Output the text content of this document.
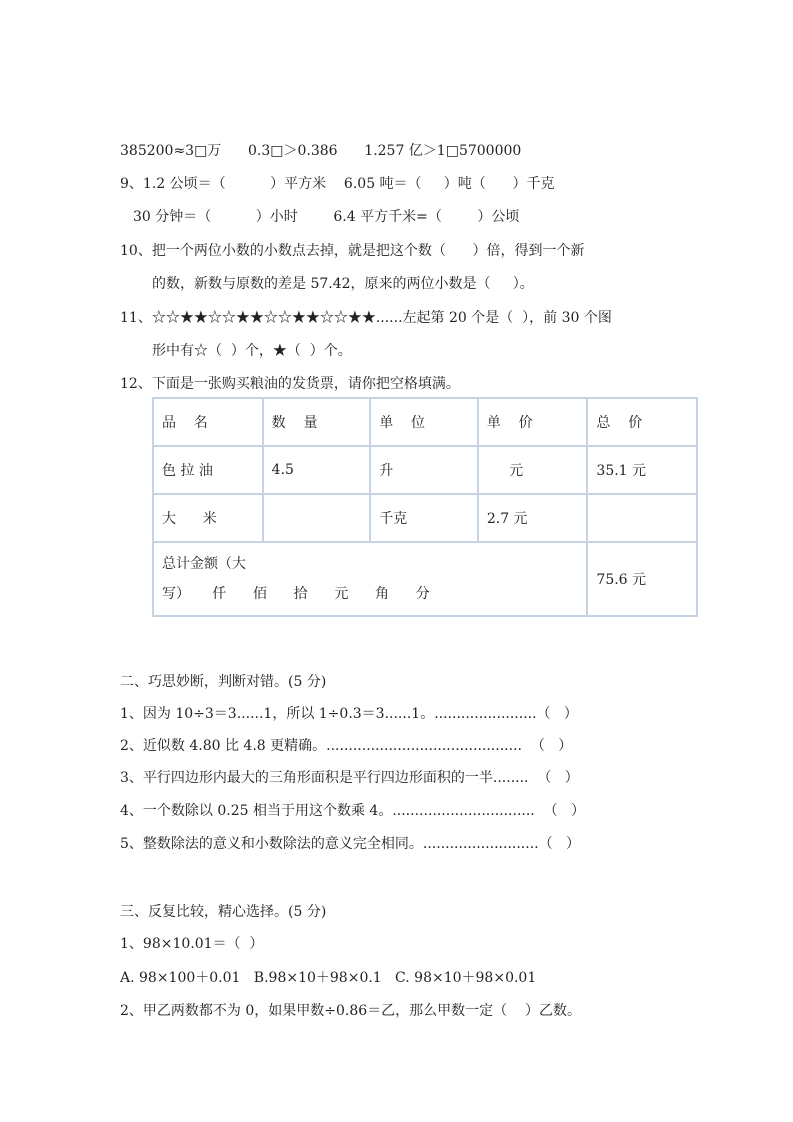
385200≈3□万      0.3□＞0.386      1.257 亿＞1□5700000
9、1.2 公顷＝（          ）平方米    6.05 吨＝（     ）吨（      ）千克
30 分钟＝（          ）小时        6.4 平方千米=（        ）公顷
10、把一个两位小数的小数点去掉，就是把这个数（      ）倍，得到一个新
的数，新数与原数的差是 57.42，原来的两位小数是（     ）。
11、☆☆★★☆☆★★☆☆★★☆☆★★......左起第 20 个是（  ），前 30 个图
形中有☆（  ）个，★（  ）个。
12、下面是一张购买粮油的发货票，请你把空格填满。
品    名	数    量	单    位	单    价	总    价
色 拉 油	4.5	升	元	35.1 元
大      米		千克	2.7 元	

总计金额（大
写）     仟      佰      拾      元      角      分				75.6 元
二、巧思妙断，判断对错。(5 分)
1、因为 10÷3＝3......1，所以 1÷0.3＝3......1。.......................（   ）
2、近似数 4.80 比 4.8 更精确。............................................  （   ）
3、平行四边形内最大的三角形面积是平行四边形面积的一半........  （   ）
4、一个数除以 0.25 相当于用这个数乘 4。................................  （   ）
5、整数除法的意义和小数除法的意义完全相同。..........................（   ）
三、反复比较，精心选择。(5 分)
1、98×10.01＝（  ）
A. 98×100＋0.01   B.98×10＋98×0.1   C. 98×10＋98×0.01
2、甲乙两数都不为 0，如果甲数÷0.86＝乙，那么甲数一定（    ）乙数。
